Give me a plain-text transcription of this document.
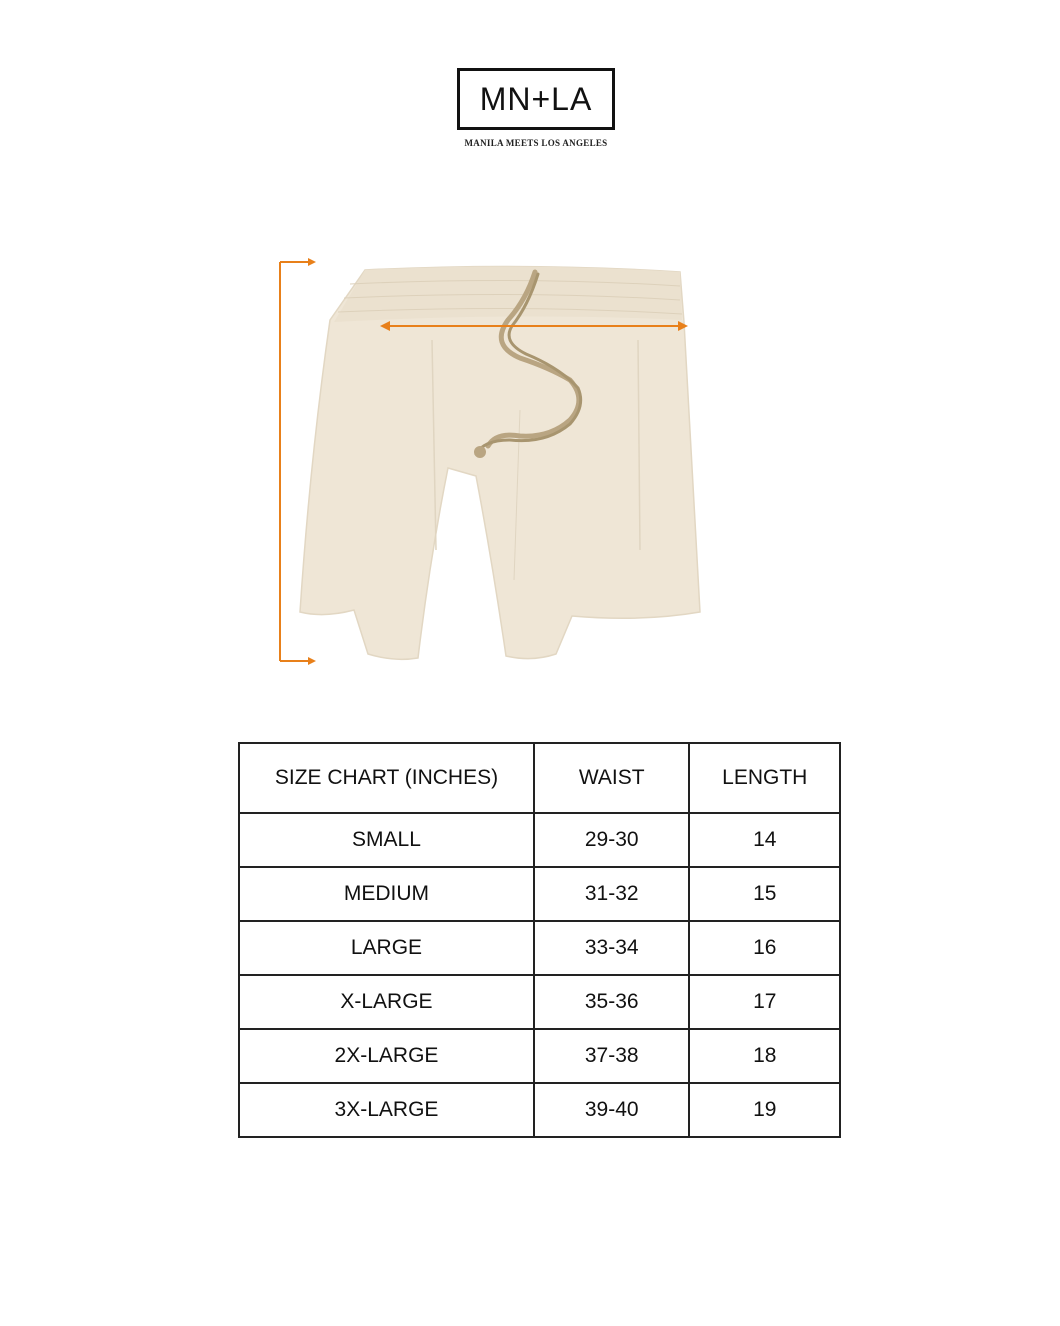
MN+LA
MANILA MEETS LOS ANGELES
SIZE CHART (INCHES)	WAIST	LENGTH
SMALL	29-30	14
MEDIUM	31-32	15
LARGE	33-34	16
X-LARGE	35-36	17
2X-LARGE	37-38	18
3X-LARGE	39-40	19
